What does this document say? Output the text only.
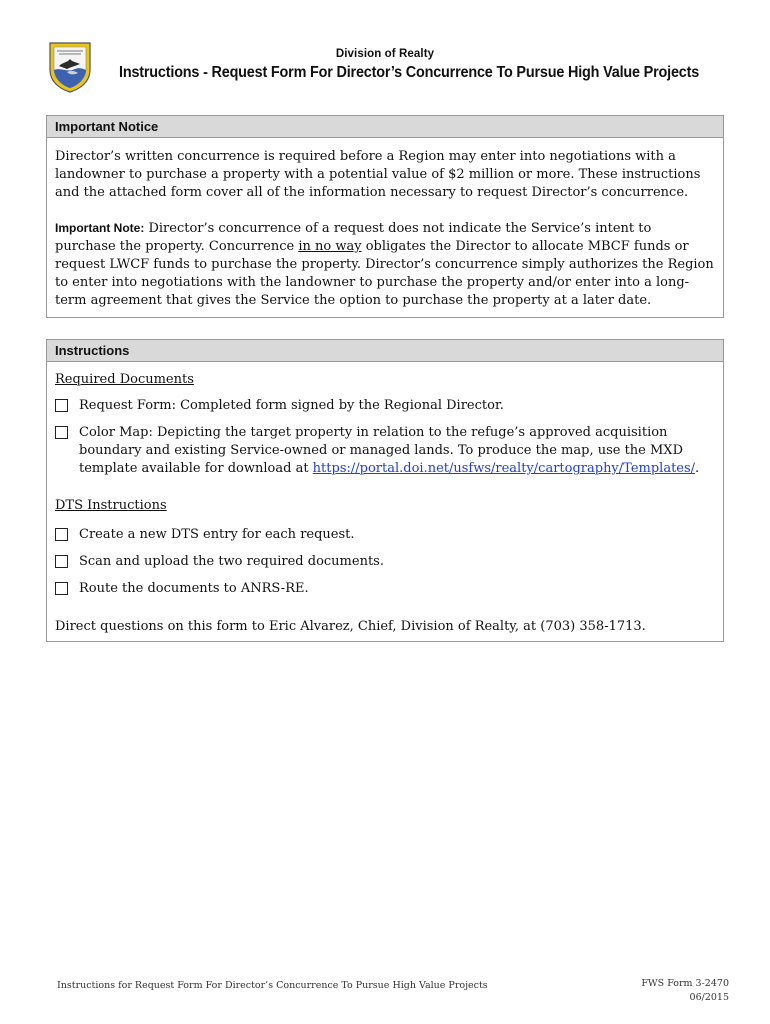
Division of Realty
Instructions - Request Form For Director’s Concurrence To Pursue High Value Projects
Important Notice
Director’s written concurrence is required before a Region may enter into negotiations with a landowner to purchase a property with a potential value of $2 million or more. These instructions and the attached form cover all of the information necessary to request Director’s concurrence.
Important Note: Director’s concurrence of a request does not indicate the Service’s intent to purchase the property. Concurrence in no way obligates the Director to allocate MBCF funds or request LWCF funds to purchase the property. Director’s concurrence simply authorizes the Region to enter into negotiations with the landowner to purchase the property and/or enter into a long-term agreement that gives the Service the option to purchase the property at a later date.
Instructions
Required Documents
Request Form: Completed form signed by the Regional Director.
Color Map: Depicting the target property in relation to the refuge’s approved acquisition boundary and existing Service-owned or managed lands. To produce the map, use the MXD template available for download at https://portal.doi.net/usfws/realty/cartography/Templates/.
DTS Instructions
Create a new DTS entry for each request.
Scan and upload the two required documents.
Route the documents to ANRS-RE.
Direct questions on this form to Eric Alvarez, Chief, Division of Realty, at (703) 358-1713.
Instructions for Request Form For Director’s Concurrence To Pursue High Value Projects	FWS Form 3-2470
06/2015
